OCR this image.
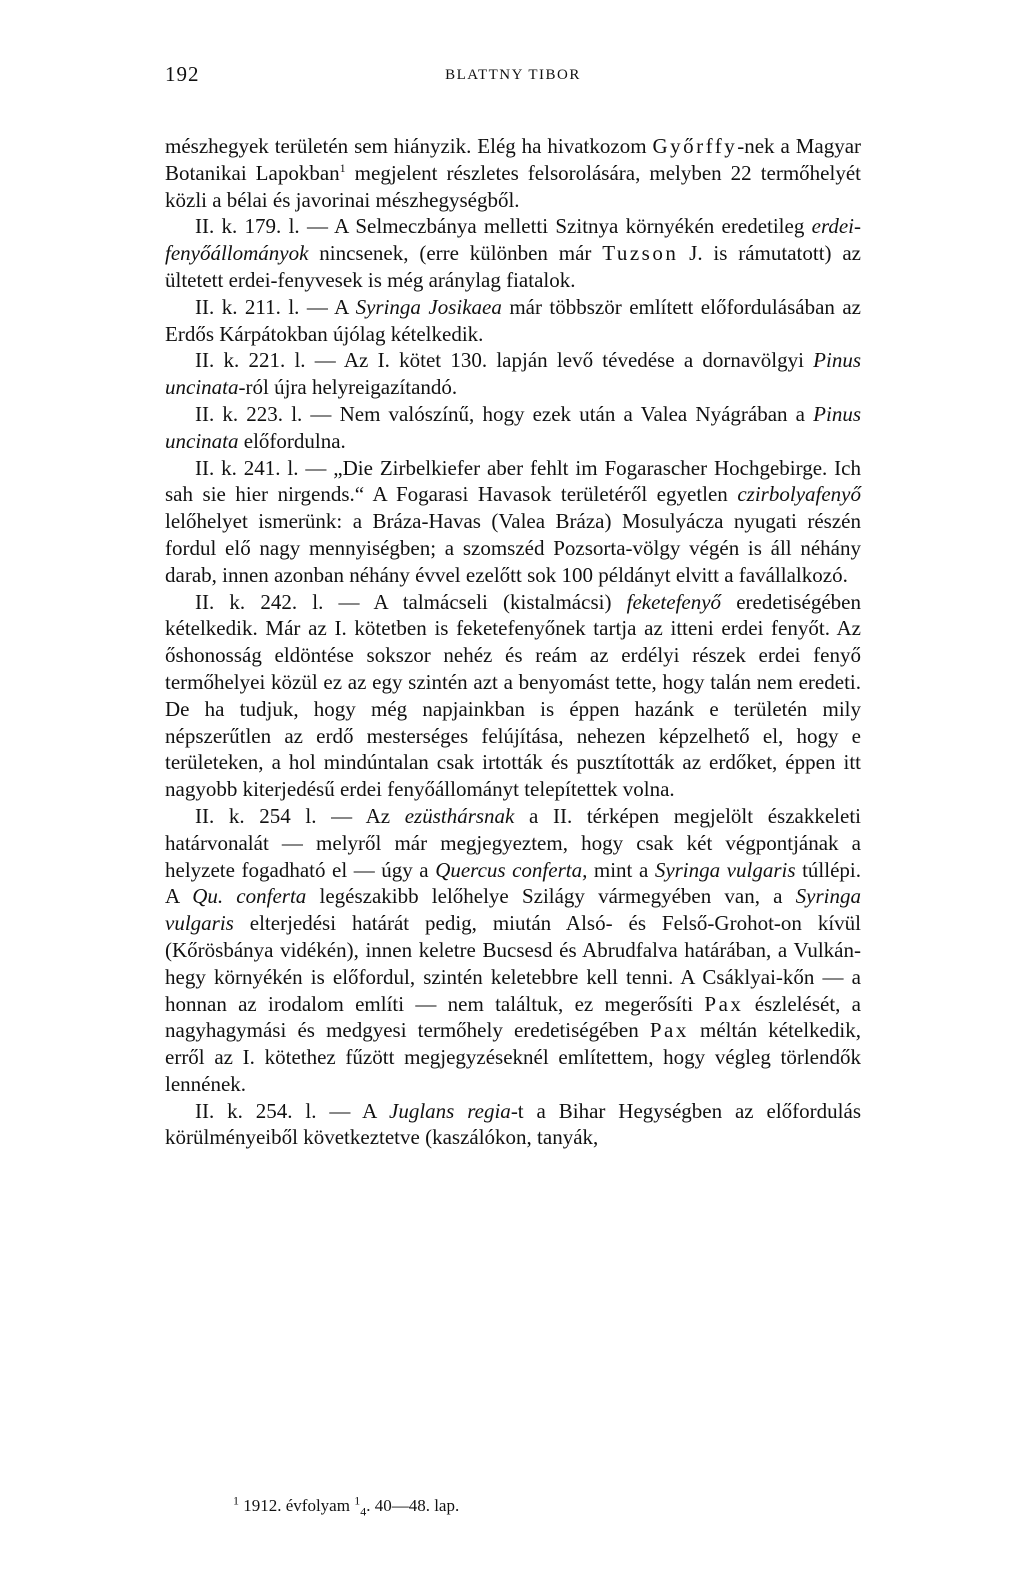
192	BLATTNY TIBOR

mészhegyek területén sem hiányzik. Elég ha hivatkozom Győrffy-nek a Magyar Botanikai Lapokban$^1$ megjelent részletes felsorolására, melyben 22 termőhelyét közli a bélai és javorinai mészhegységből.

II. k. 179. l. — A Selmeczbánya melletti Szitnya környékén eredetileg erdei-fenyőállományok nincsenek, (erre különben már Tuzson J. is rámutatott) az ültetett erdei-fenyvesek is még aránylag fiatalok.

II. k. 211. l. — A Syringa Josikaea már többször említett előfordulásában az Erdős Kárpátokban újólag kételkedik.

II. k. 221. l. — Az I. kötet 130. lapján levő tévedése a dornavölgyi Pinus uncinata-ról újra helyreigazítandó.

II. k. 223. l. — Nem valószínű, hogy ezek után a Valea Nyágrában a Pinus uncinata előfordulna.

II. k. 241. l. — „Die Zirbelkiefer aber fehlt im Fogarascher Hochgebirge. Ich sah sie hier nirgends.“ A Fogarasi Havasok területéről egyetlen czirbolyafenyő lelőhelyet ismerünk: a Bráza-Havas (Valea Bráza) Mosulyácza nyugati részén fordul elő nagy mennyiségben; a szomszéd Pozsorta-völgy végén is áll néhány darab, innen azonban néhány évvel ezelőtt sok 100 példányt elvitt a favállalkozó.

II. k. 242. l. — A talmácseli (kistalmácsi) feketefenyő eredetiségében kételkedik. Már az I. kötetben is feketefenyőnek tartja az itteni erdei fenyőt. Az őshonosság eldöntése sokszor nehéz és reám az erdélyi részek erdei fenyő termőhelyei közül ez az egy szintén azt a benyomást tette, hogy talán nem eredeti. De ha tudjuk, hogy még napjainkban is éppen hazánk e területén mily népszerűtlen az erdő mesterséges felújítása, nehezen képzelhető el, hogy e területeken, a hol mindúntalan csak irtották és pusztították az erdőket, éppen itt nagyobb kiterjedésű erdei fenyőállományt telepítettek volna.

II. k. 254 l. — Az ezüsthársnak a II. térképen megjelölt északkeleti határvonalát — melyről már megjegyeztem, hogy csak két végpontjának a helyzete fogadható el — úgy a Quercus conferta, mint a Syringa vulgaris túllépi. A Qu. conferta legészakibb lelőhelye Szilágy vármegyében van, a Syringa vulgaris elterjedési határát pedig, miután Alsó- és Felső-Grohot-on kívül (Kőrösbánya vidékén), innen keletre Bucsesd és Abrudfalva határában, a Vulkán-hegy környékén is előfordul, szintén keletebbre kell tenni. A Csáklyai-kőn — a honnan az irodalom említi — nem találtuk, ez megerősíti Pax észlelését, a nagyhagymási és medgyesi termőhely eredetiségében Pax méltán kételkedik, erről az I. kötethez fűzött megjegyzéseknél említettem, hogy végleg törlendők lennének.

II. k. 254. l. — A Juglans regia-t a Bihar Hegységben az előfordulás körülményeiből következtetve (kaszálókon, tanyák,

$^1$ 1912. évfolyam $^1_4$. 40—48. lap.
